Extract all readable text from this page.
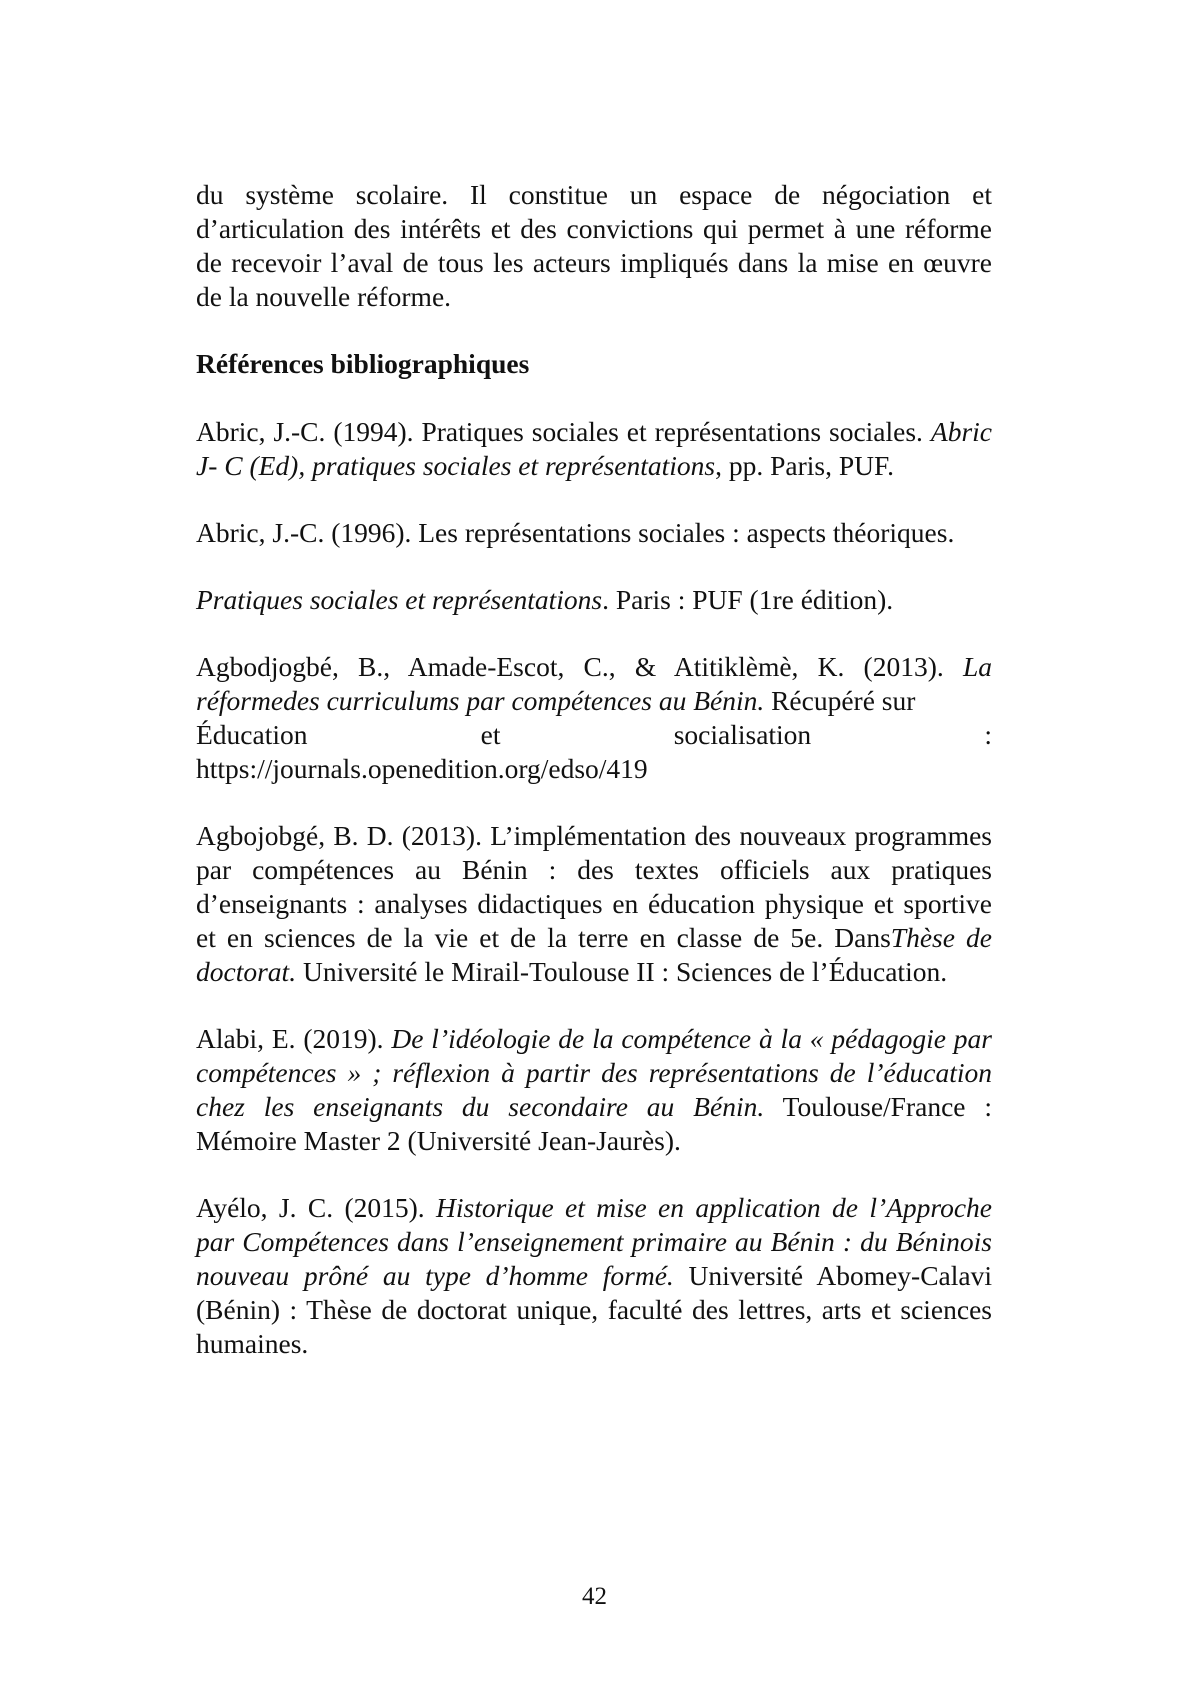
du système scolaire. Il constitue un espace de négociation et d’articulation des intérêts et des convictions qui permet à une réforme de recevoir l’aval de tous les acteurs impliqués dans la mise en œuvre de la nouvelle réforme.

Références bibliographiques

Abric, J.-C. (1994). Pratiques sociales et représentations sociales. Abric J- C (Ed), pratiques sociales et représentations, pp. Paris, PUF.

Abric, J.-C. (1996). Les représentations sociales : aspects théoriques.

Pratiques sociales et représentations. Paris : PUF (1re édition).

Agbodjogbé, B., Amade-Escot, C., & Atitiklèmè, K. (2013). La réformedes curriculums par compétences au Bénin. Récupéré sur
Éducation	et	socialisation	:
https://journals.openedition.org/edso/419

Agbojobgé, B. D. (2013). L’implémentation des nouveaux programmes par compétences au Bénin : des textes officiels aux pratiques d’enseignants : analyses didactiques en éducation physique et sportive et en sciences de la vie et de la terre en classe de 5e. DansThèse de doctorat. Université le Mirail-Toulouse II : Sciences de l’Éducation.

Alabi, E. (2019). De l’idéologie de la compétence à la « pédagogie par compétences » ; réflexion à partir des représentations de l’éducation chez les enseignants du secondaire au Bénin. Toulouse/France : Mémoire Master 2 (Université Jean-Jaurès).

Ayélo, J. C. (2015). Historique et mise en application de l’Approche par Compétences dans l’enseignement primaire au Bénin : du Béninois nouveau prôné au type d’homme formé. Université Abomey-Calavi (Bénin) : Thèse de doctorat unique, faculté des lettres, arts et sciences humaines.

42
